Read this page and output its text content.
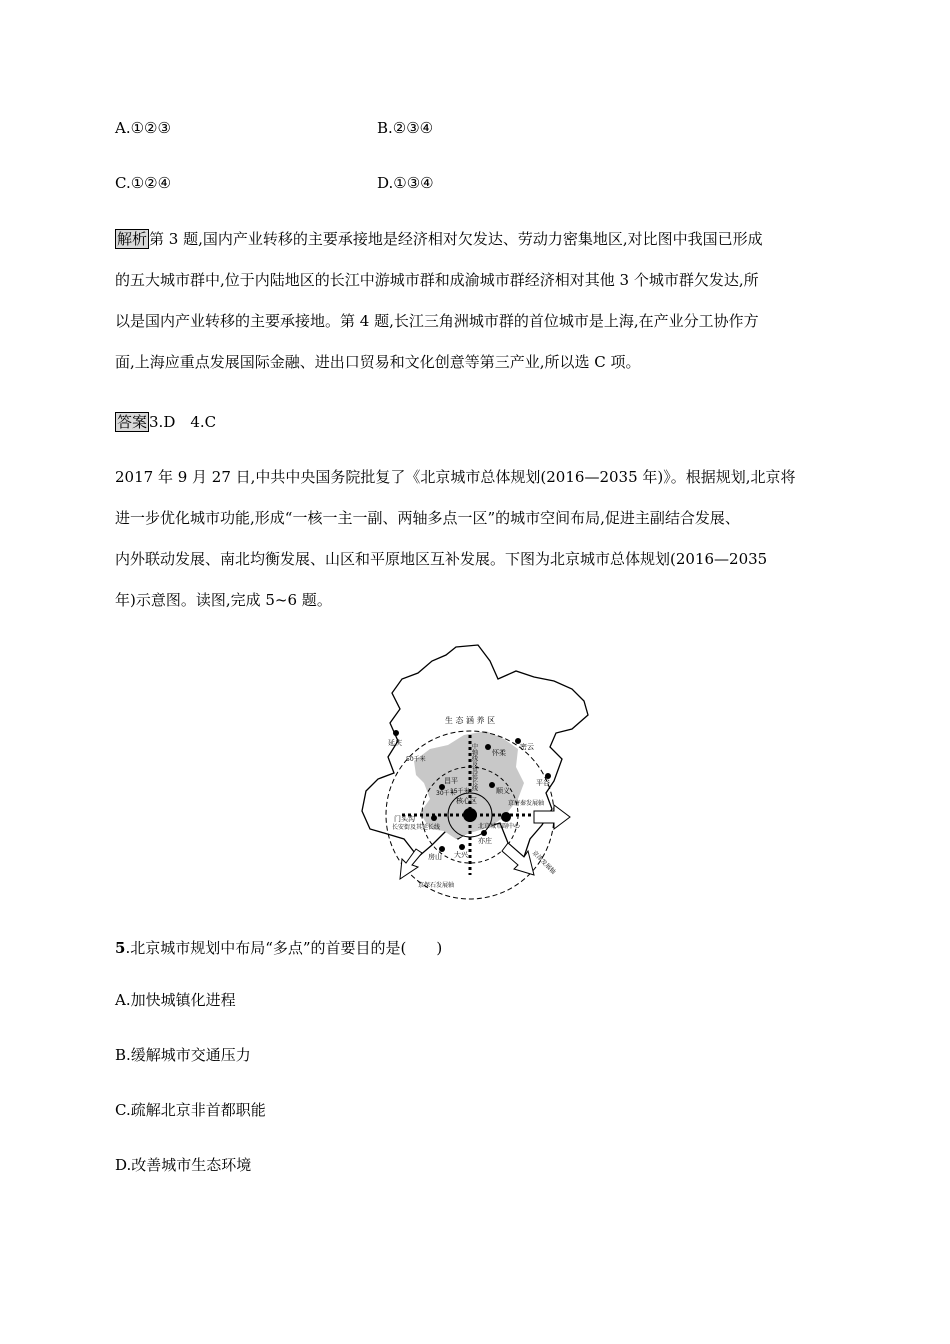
A.①②③	B.②③④
C.①②④	D.①③④
解析 第 3 题,国内产业转移的主要承接地是经济相对欠发达、劳动力密集地区,对比图中我国已形成
的五大城市群中,位于内陆地区的长江中游城市群和成渝城市群经济相对其他 3 个城市群欠发达,所
以是国内产业转移的主要承接地。第 4 题,长江三角洲城市群的首位城市是上海,在产业分工协作方
面,上海应重点发展国际金融、进出口贸易和文化创意等第三产业,所以选 C 项。
答案 3.D　4.C
2017 年 9 月 27 日,中共中央国务院批复了《北京城市总体规划(2016—2035 年)》。根据规划,北京将
进一步优化城市功能,形成“一核一主一副、两轴多点一区”的城市空间布局,促进主副结合发展、
内外联动发展、南北均衡发展、山区和平原地区互补发展。下图为北京城市总体规划(2016—2035
年)示意图。读图,完成 5~6 题。
生 态 涵 养 区
延庆
怀柔
密云
平谷
顺义
昌平
门头沟
房山 大兴
亦庄
核心区
北京城市副中心
15千米
30千米
50千米	中轴线及其延长线
长安街及其延长线
京唐秦发展轴
京津发展轴
京保石发展轴
5.北京城市规划中布局“多点”的首要目的是(　　)
A.加快城镇化进程
B.缓解城市交通压力
C.疏解北京非首都职能
D.改善城市生态环境
